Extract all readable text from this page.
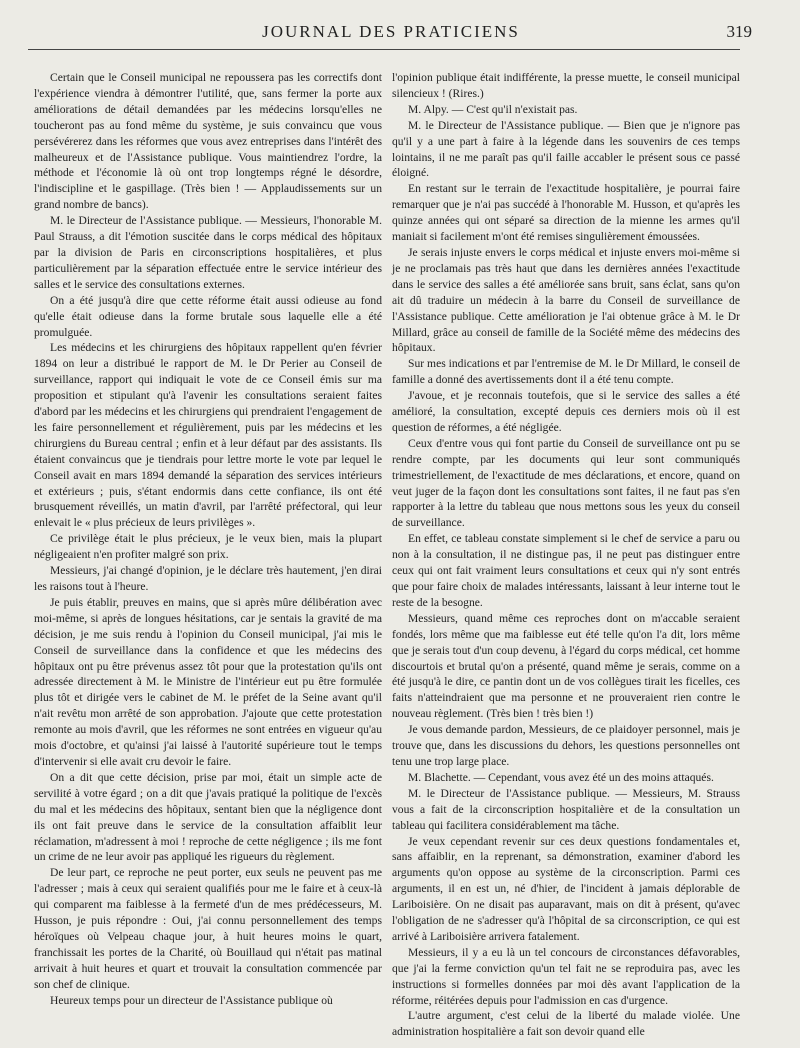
JOURNAL DES PRATICIENS	319

Certain que le Conseil municipal ne repoussera pas les correctifs dont l'expérience viendra à démontrer l'utilité, que, sans fermer la porte aux améliorations de détail demandées par les médecins lorsqu'elles ne toucheront pas au fond même du système, je suis convaincu que vous persévérerez dans les réformes que vous avez entreprises dans l'intérêt des malheureux et de l'Assistance publique. Vous maintiendrez l'ordre, la méthode et l'économie là où ont trop longtemps régné le désordre, l'indiscipline et le gaspillage. (Très bien ! — Applaudissements sur un grand nombre de bancs).

M. le Directeur de l'Assistance publique. — Messieurs, l'honorable M. Paul Strauss, a dit l'émotion suscitée dans le corps médical des hôpitaux par la division de Paris en circonscriptions hospitalières, et plus particulièrement par la séparation effectuée entre le service intérieur des salles et le service des consultations externes.

On a été jusqu'à dire que cette réforme était aussi odieuse au fond qu'elle était odieuse dans la forme brutale sous laquelle elle a été promulguée.

Les médecins et les chirurgiens des hôpitaux rappellent qu'en février 1894 on leur a distribué le rapport de M. le Dr Perier au Conseil de surveillance, rapport qui indiquait le vote de ce Conseil émis sur ma proposition et stipulant qu'à l'avenir les consultations seraient faites d'abord par les médecins et les chirurgiens qui prendraient l'engagement de les faire personnellement et régulièrement, puis par les médecins et les chirurgiens du Bureau central ; enfin et à leur défaut par des assistants. Ils étaient convaincus que je tiendrais pour lettre morte le vote par lequel le Conseil avait en mars 1894 demandé la séparation des services intérieurs et extérieurs ; puis, s'étant endormis dans cette confiance, ils ont été brusquement réveillés, un matin d'avril, par l'arrêté préfectoral, qui leur enlevait le « plus précieux de leurs privilèges ».

Ce privilège était le plus précieux, je le veux bien, mais la plupart négligeaient n'en profiter malgré son prix.

Messieurs, j'ai changé d'opinion, je le déclare très hautement, j'en dirai les raisons tout à l'heure.

Je puis établir, preuves en mains, que si après mûre délibération avec moi-même, si après de longues hésitations, car je sentais la gravité de ma décision, je me suis rendu à l'opinion du Conseil municipal, j'ai mis le Conseil de surveillance dans la confidence et que les médecins des hôpitaux ont pu être prévenus assez tôt pour que la protestation qu'ils ont adressée directement à M. le Ministre de l'intérieur eut pu être formulée plus tôt et dirigée vers le cabinet de M. le préfet de la Seine avant qu'il n'ait revêtu mon arrêté de son approbation. J'ajoute que cette protestation remonte au mois d'avril, que les réformes ne sont entrées en vigueur qu'au mois d'octobre, et qu'ainsi j'ai laissé à l'autorité supérieure tout le temps d'intervenir si elle avait cru devoir le faire.

On a dit que cette décision, prise par moi, était un simple acte de servilité à votre égard ; on a dit que j'avais pratiqué la politique de l'excès du mal et les médecins des hôpitaux, sentant bien que la négligence dont ils ont fait preuve dans le service de la consultation affaiblit leur réclamation, m'adressent à moi ! reproche de cette négligence ; ils me font un crime de ne leur avoir pas appliqué les rigueurs du règlement.

De leur part, ce reproche ne peut porter, eux seuls ne peuvent pas me l'adresser ; mais à ceux qui seraient qualifiés pour me le faire et à ceux-là qui comparent ma faiblesse à la fermeté d'un de mes prédécesseurs, M. Husson, je puis répondre : Oui, j'ai connu personnellement des temps héroïques où Velpeau chaque jour, à huit heures moins le quart, franchissait les portes de la Charité, où Bouillaud qui n'était pas matinal arrivait à huit heures et quart et trouvait la consultation commencée par son chef de clinique.

Heureux temps pour un directeur de l'Assistance publique où

l'opinion publique était indifférente, la presse muette, le conseil municipal silencieux ! (Rires.)

M. Alpy. — C'est qu'il n'existait pas.

M. le Directeur de l'Assistance publique. — Bien que je n'ignore pas qu'il y a une part à faire à la légende dans les souvenirs de ces temps lointains, il ne me paraît pas qu'il faille accabler le présent sous ce passé éloigné.

En restant sur le terrain de l'exactitude hospitalière, je pourrai faire remarquer que je n'ai pas succédé à l'honorable M. Husson, et qu'après les quinze années qui ont séparé sa direction de la mienne les armes qu'il maniait si facilement m'ont été remises singulièrement émoussées.

Je serais injuste envers le corps médical et injuste envers moi-même si je ne proclamais pas très haut que dans les dernières années l'exactitude dans le service des salles a été améliorée sans bruit, sans éclat, sans qu'on ait dû traduire un médecin à la barre du Conseil de surveillance de l'Assistance publique. Cette amélioration je l'ai obtenue grâce à M. le Dr Millard, grâce au conseil de famille de la Société même des médecins des hôpitaux.

Sur mes indications et par l'entremise de M. le Dr Millard, le conseil de famille a donné des avertissements dont il a été tenu compte.

J'avoue, et je reconnais toutefois, que si le service des salles a été amélioré, la consultation, excepté depuis ces derniers mois où il est question de réformes, a été négligée.

Ceux d'entre vous qui font partie du Conseil de surveillance ont pu se rendre compte, par les documents qui leur sont communiqués trimestriellement, de l'exactitude de mes déclarations, et encore, quand on veut juger de la façon dont les consultations sont faites, il ne faut pas s'en rapporter à la lettre du tableau que nous mettons sous les yeux du conseil de surveillance.

En effet, ce tableau constate simplement si le chef de service a paru ou non à la consultation, il ne distingue pas, il ne peut pas distinguer entre ceux qui ont fait vraiment leurs consultations et ceux qui n'y sont entrés que pour faire choix de malades intéressants, laissant à leur interne tout le reste de la besogne.

Messieurs, quand même ces reproches dont on m'accable seraient fondés, lors même que ma faiblesse eut été telle qu'on l'a dit, lors même que je serais tout d'un coup devenu, à l'égard du corps médical, cet homme discourtois et brutal qu'on a présenté, quand même je serais, comme on a été jusqu'à le dire, ce pantin dont un de vos collègues tirait les ficelles, ces faits n'atteindraient que ma personne et ne prouveraient rien contre le nouveau règlement. (Très bien ! très bien !)

Je vous demande pardon, Messieurs, de ce plaidoyer personnel, mais je trouve que, dans les discussions du dehors, les questions personnelles ont tenu une trop large place.

M. Blachette. — Cependant, vous avez été un des moins attaqués.

M. le Directeur de l'Assistance publique. — Messieurs, M. Strauss vous a fait de la circonscription hospitalière et de la consultation un tableau qui facilitera considérablement ma tâche.

Je veux cependant revenir sur ces deux questions fondamentales et, sans affaiblir, en la reprenant, sa démonstration, examiner d'abord les arguments qu'on oppose au système de la circonscription. Parmi ces arguments, il en est un, né d'hier, de l'incident à jamais déplorable de Lariboisière. On ne disait pas auparavant, mais on dit à présent, qu'avec l'obligation de ne s'adresser qu'à l'hôpital de sa circonscription, ce qui est arrivé à Lariboisière arrivera fatalement.

Messieurs, il y a eu là un tel concours de circonstances défavorables, que j'ai la ferme conviction qu'un tel fait ne se reproduira pas, avec les instructions si formelles données par moi dès avant l'application de la réforme, réitérées depuis pour l'admission en cas d'urgence.

L'autre argument, c'est celui de la liberté du malade violée. Une administration hospitalière a fait son devoir quand elle
